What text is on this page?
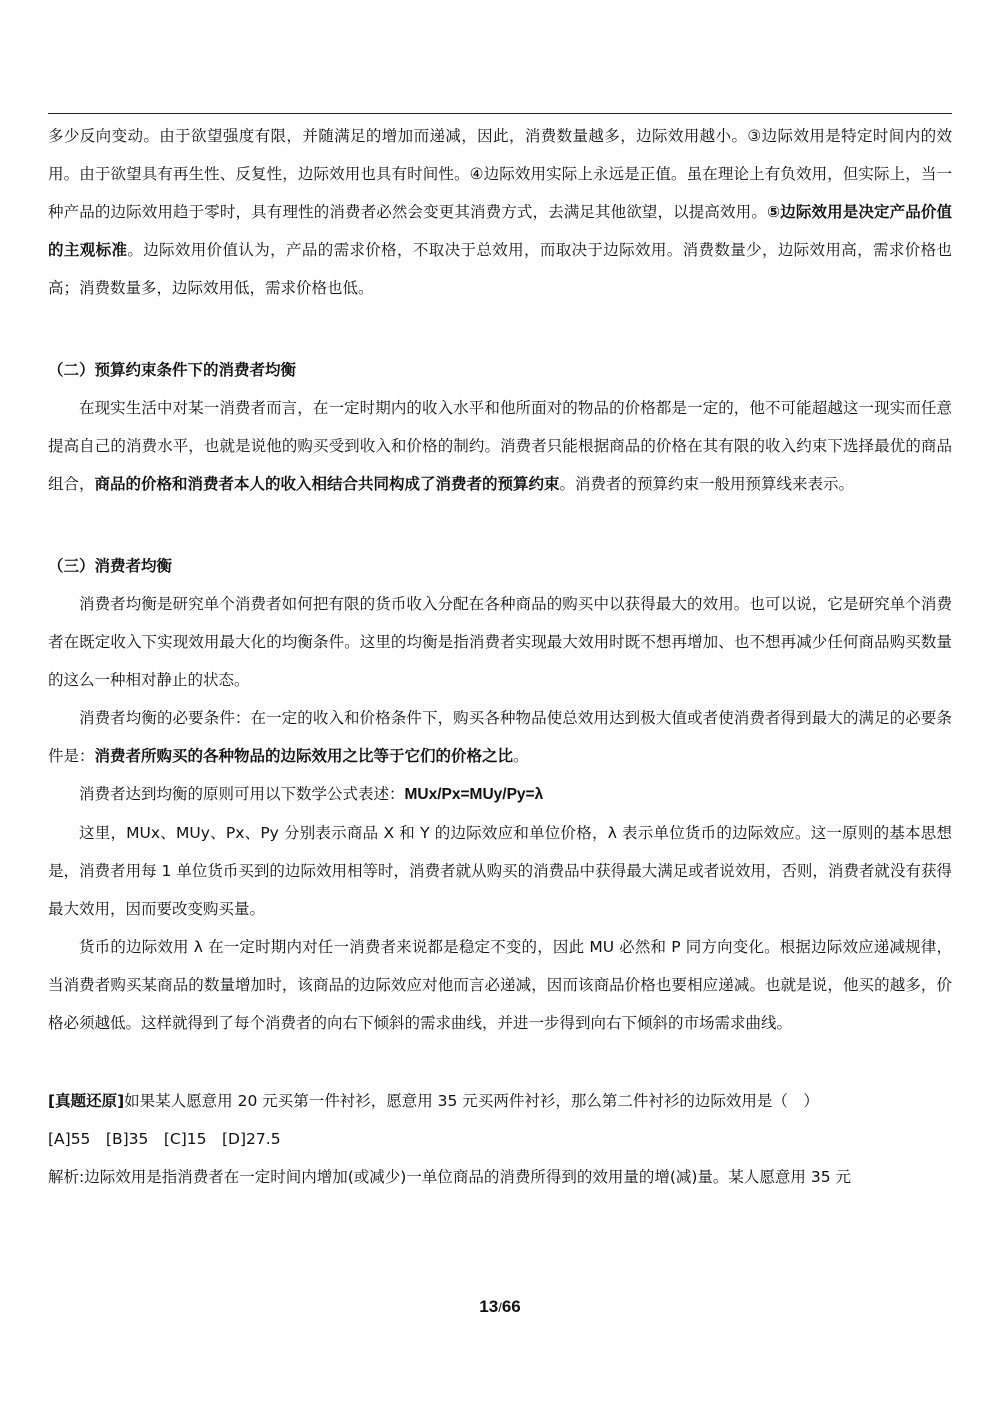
多少反向变动。由于欲望强度有限，并随满足的增加而递减，因此，消费数量越多，边际效用越小。③边际效用是特定时间内的效用。由于欲望具有再生性、反复性，边际效用也具有时间性。④边际效用实际上永远是正值。虽在理论上有负效用，但实际上，当一种产品的边际效用趋于零时，具有理性的消费者必然会变更其消费方式，去满足其他欲望，以提高效用。⑤边际效用是决定产品价值的主观标准。边际效用价值认为，产品的需求价格，不取决于总效用，而取决于边际效用。消费数量少，边际效用高，需求价格也高；消费数量多，边际效用低，需求价格也低。

（二）预算约束条件下的消费者均衡

在现实生活中对某一消费者而言，在一定时期内的收入水平和他所面对的物品的价格都是一定的，他不可能超越这一现实而任意提高自己的消费水平，也就是说他的购买受到收入和价格的制约。消费者只能根据商品的价格在其有限的收入约束下选择最优的商品组合，商品的价格和消费者本人的收入相结合共同构成了消费者的预算约束。消费者的预算约束一般用预算线来表示。

（三）消费者均衡

消费者均衡是研究单个消费者如何把有限的货币收入分配在各种商品的购买中以获得最大的效用。也可以说，它是研究单个消费者在既定收入下实现效用最大化的均衡条件。这里的均衡是指消费者实现最大效用时既不想再增加、也不想再减少任何商品购买数量的这么一种相对静止的状态。

消费者均衡的必要条件：在一定的收入和价格条件下，购买各种物品使总效用达到极大值或者使消费者得到最大的满足的必要条件是：消费者所购买的各种物品的边际效用之比等于它们的价格之比。

消费者达到均衡的原则可用以下数学公式表述：MUx/Px=MUy/Py=λ

这里，MUx、MUy、Px、Py 分别表示商品 X 和 Y 的边际效应和单位价格，λ 表示单位货币的边际效应。这一原则的基本思想是，消费者用每 1 单位货币买到的边际效用相等时，消费者就从购买的消费品中获得最大满足或者说效用，否则，消费者就没有获得最大效用，因而要改变购买量。

货币的边际效用 λ 在一定时期内对任一消费者来说都是稳定不变的，因此 MU 必然和 P 同方向变化。根据边际效应递减规律，当消费者购买某商品的数量增加时，该商品的边际效应对他而言必递减，因而该商品价格也要相应递减。也就是说，他买的越多，价格必须越低。这样就得到了每个消费者的向右下倾斜的需求曲线，并进一步得到向右下倾斜的市场需求曲线。

[真题还原]如果某人愿意用 20 元买第一件衬衫，愿意用 35 元买两件衬衫，那么第二件衬衫的边际效用是（　）

[A]55　[B]35　[C]15　[D]27.5

解析:边际效用是指消费者在一定时间内增加(或减少)一单位商品的消费所得到的效用量的增(减)量。某人愿意用 35 元

13/66
